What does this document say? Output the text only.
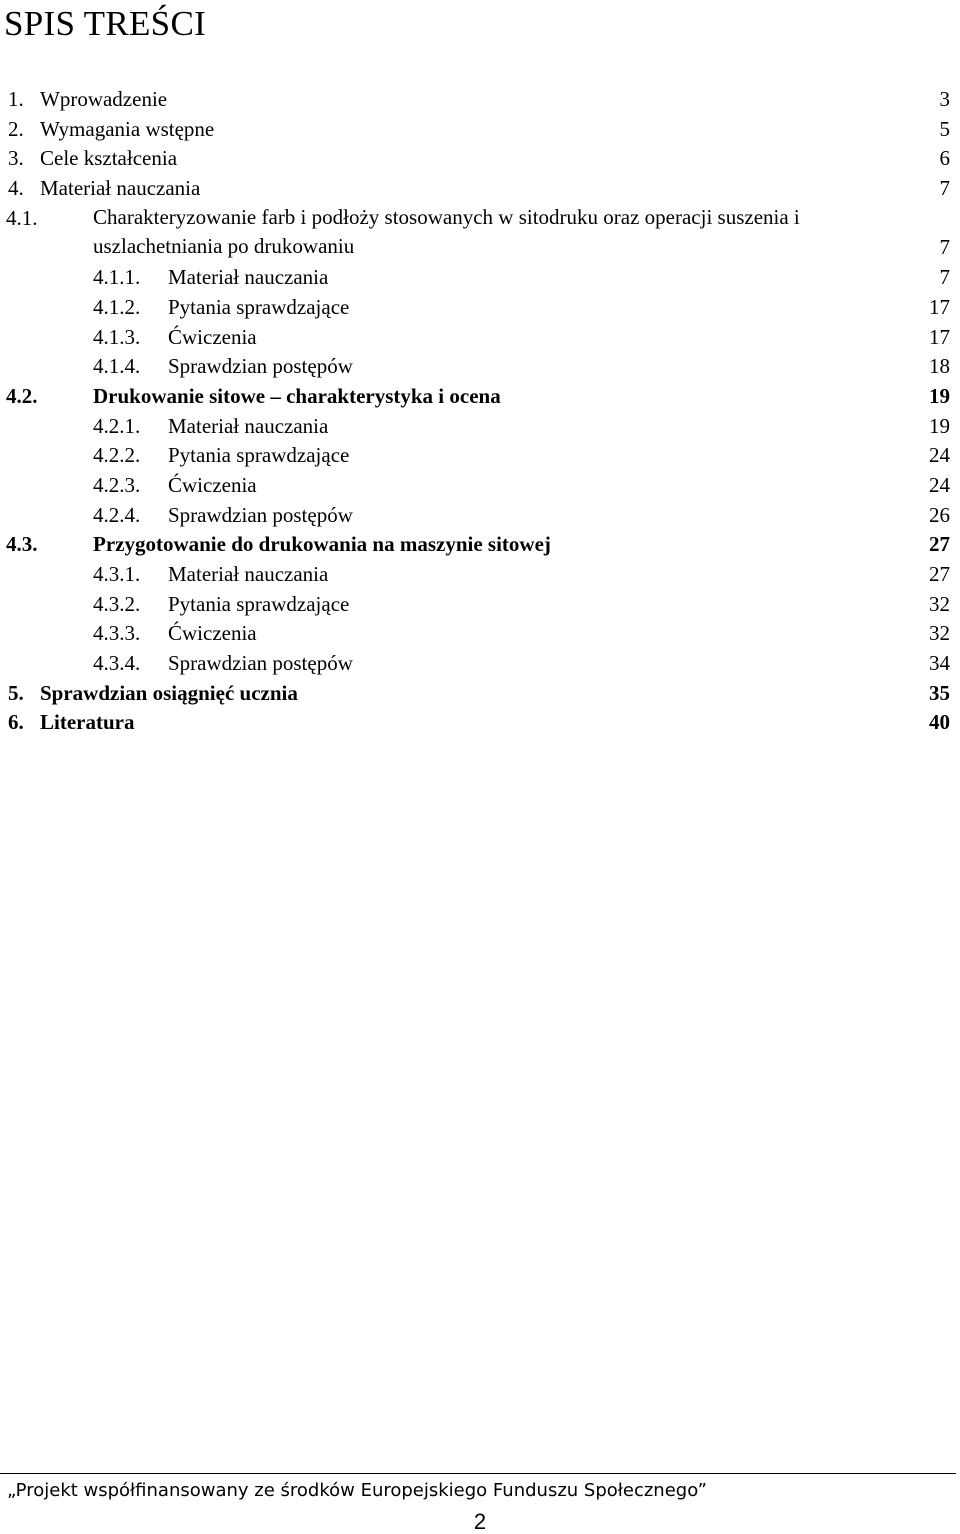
SPIS TREŚCI
1. Wprowadzenie	3
2. Wymagania wstępne	5
3. Cele kształcenia	6
4. Materiał nauczania	7
4.1.	Charakteryzowanie farb i podłoży stosowanych w sitodruku oraz operacji suszenia i uszlachetniania po drukowaniu	7
4.1.1. Materiał nauczania	7
4.1.2. Pytania sprawdzające	17
4.1.3. Ćwiczenia	17
4.1.4. Sprawdzian postępów	18
4.2.	Drukowanie sitowe – charakterystyka i ocena	19
4.2.1. Materiał nauczania	19
4.2.2. Pytania sprawdzające	24
4.2.3. Ćwiczenia	24
4.2.4. Sprawdzian postępów	26
4.3.	Przygotowanie do drukowania na maszynie sitowej	27
4.3.1. Materiał nauczania	27
4.3.2. Pytania sprawdzające	32
4.3.3. Ćwiczenia	32
4.3.4. Sprawdzian postępów	34
5. Sprawdzian osiągnięć ucznia	35
6. Literatura	40
„Projekt współfinansowany ze środków Europejskiego Funduszu Społecznego”
2
